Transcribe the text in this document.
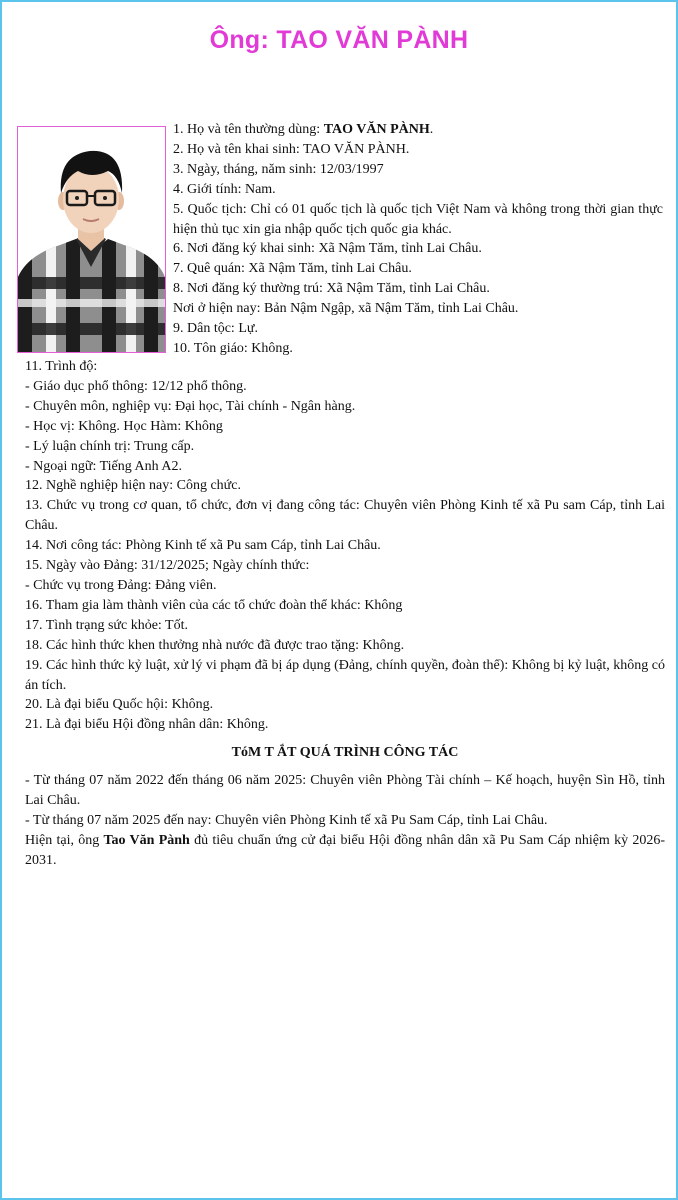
Ông: TAO VĂN PÀNH
1. Họ và tên thường dùng: TAO VĂN PÀNH.
2. Họ và tên khai sinh: TAO VĂN PÀNH.
3. Ngày, tháng, năm sinh: 12/03/1997
4. Giới tính: Nam.
5. Quốc tịch: Chỉ có 01 quốc tịch là quốc tịch Việt Nam và không trong thời gian thực hiện thủ tục xin gia nhập quốc tịch quốc gia khác.
6. Nơi đăng ký khai sinh: Xã Nậm Tăm, tỉnh Lai Châu.
7. Quê quán: Xã Nậm Tăm, tỉnh Lai Châu.
8. Nơi đăng ký thường trú: Xã Nậm Tăm, tỉnh Lai Châu.
Nơi ở hiện nay: Bản Nậm Ngập, xã Nậm Tăm, tỉnh Lai Châu.
9. Dân tộc: Lự.
10. Tôn giáo: Không.
11. Trình độ:
- Giáo dục phổ thông: 12/12 phổ thông.
- Chuyên môn, nghiệp vụ: Đại học, Tài chính - Ngân hàng.
- Học vị: Không. Học Hàm: Không
- Lý luận chính trị: Trung cấp.
- Ngoại ngữ: Tiếng Anh A2.
12. Nghề nghiệp hiện nay: Công chức.
13. Chức vụ trong cơ quan, tổ chức, đơn vị đang công tác: Chuyên viên Phòng Kinh tế xã Pu sam Cáp, tỉnh Lai Châu.
14. Nơi công tác: Phòng Kinh tế xã Pu sam Cáp, tỉnh Lai Châu.
15. Ngày vào Đảng: 31/12/2025; Ngày chính thức:
- Chức vụ trong Đảng: Đảng viên.
16. Tham gia làm thành viên của các tổ chức đoàn thể khác: Không
17. Tình trạng sức khỏe: Tốt.
18. Các hình thức khen thưởng nhà nước đã được trao tặng: Không.
19. Các hình thức kỷ luật, xử lý vi phạm đã bị áp dụng (Đảng, chính quyền, đoàn thể): Không bị kỷ luật, không có án tích.
20. Là đại biểu Quốc hội: Không.
21. Là đại biểu Hội đồng nhân dân: Không.
TóM T ẮT QUÁ TRÌNH CÔNG TÁC
- Từ tháng 07 năm 2022 đến tháng 06 năm 2025: Chuyên viên Phòng Tài chính – Kế hoạch, huyện Sìn Hồ, tỉnh Lai Châu.
- Từ tháng 07 năm 2025 đến nay: Chuyên viên Phòng Kinh tế xã Pu Sam Cáp, tỉnh Lai Châu.
Hiện tại, ông Tao Văn Pành đủ tiêu chuẩn ứng cử đại biểu Hội đồng nhân dân xã Pu Sam Cáp nhiệm kỳ 2026-2031.
